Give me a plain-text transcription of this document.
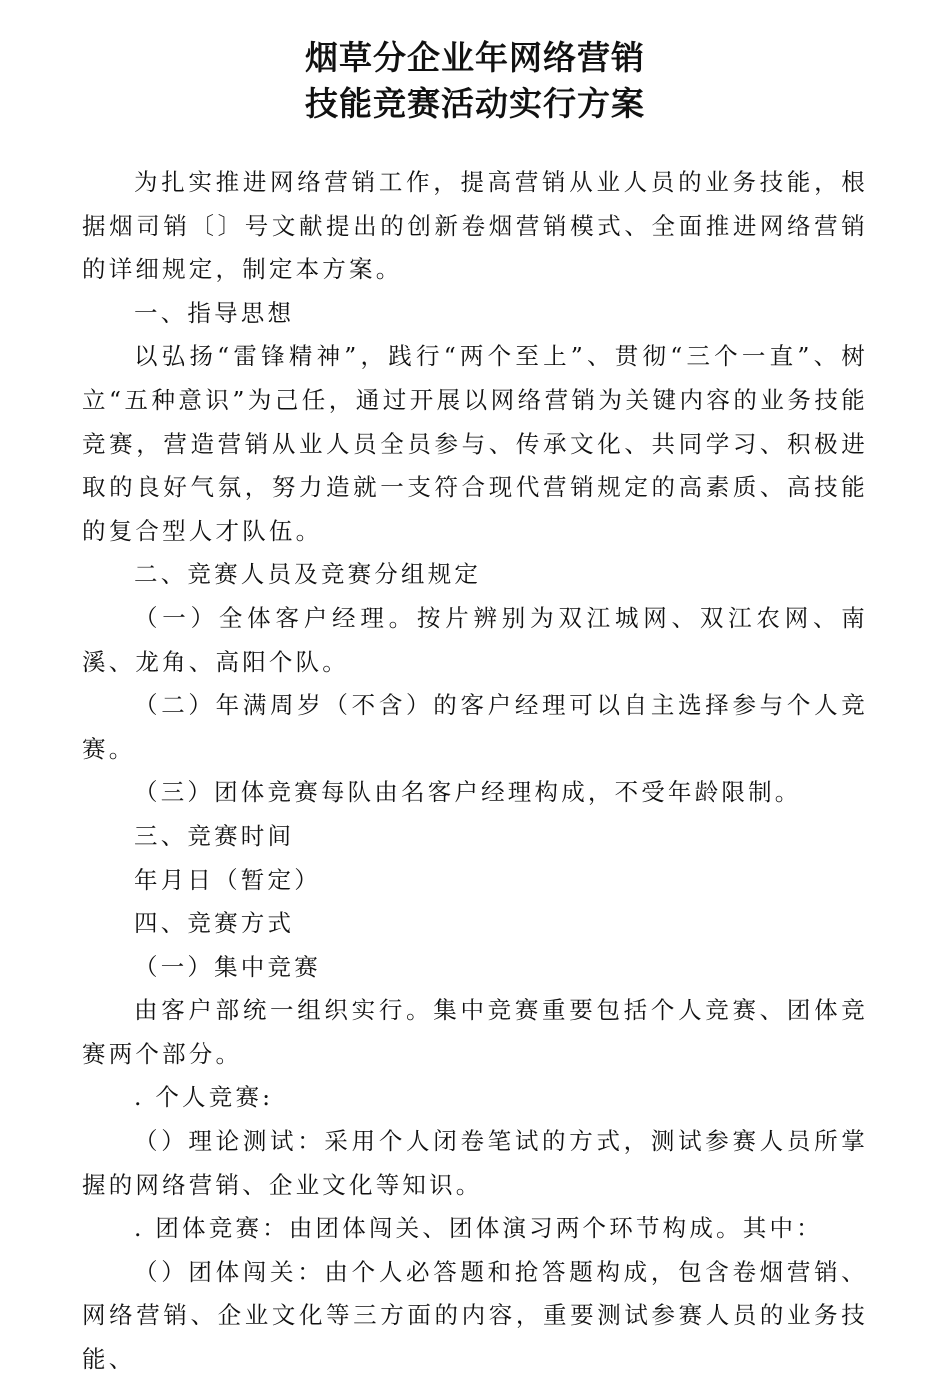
烟草分企业年网络营销
技能竞赛活动实行方案

为扎实推进网络营销工作，提高营销从业人员的业务技能，根据烟司销〔〕号文献提出的创新卷烟营销模式、全面推进网络营销的详细规定，制定本方案。

一、指导思想

以弘扬“雷锋精神”，践行“两个至上”、贯彻“三个一直”、树立“五种意识”为己任，通过开展以网络营销为关键内容的业务技能竞赛，营造营销从业人员全员参与、传承文化、共同学习、积极进取的良好气氛，努力造就一支符合现代营销规定的高素质、高技能的复合型人才队伍。

二、竞赛人员及竞赛分组规定

（一）全体客户经理。按片辨别为双江城网、双江农网、南溪、龙角、高阳个队。

（二）年满周岁（不含）的客户经理可以自主选择参与个人竞赛。

（三）团体竞赛每队由名客户经理构成，不受年龄限制。

三、竞赛时间

年月日（暂定）

四、竞赛方式

（一）集中竞赛

由客户部统一组织实行。集中竞赛重要包括个人竞赛、团体竞赛两个部分。

. 个人竞赛:

（）理论测试：采用个人闭卷笔试的方式，测试参赛人员所掌握的网络营销、企业文化等知识。

. 团体竞赛：由团体闯关、团体演习两个环节构成。其中：

（）团体闯关：由个人必答题和抢答题构成，包含卷烟营销、网络营销、企业文化等三方面的内容，重要测试参赛人员的业务技能、
